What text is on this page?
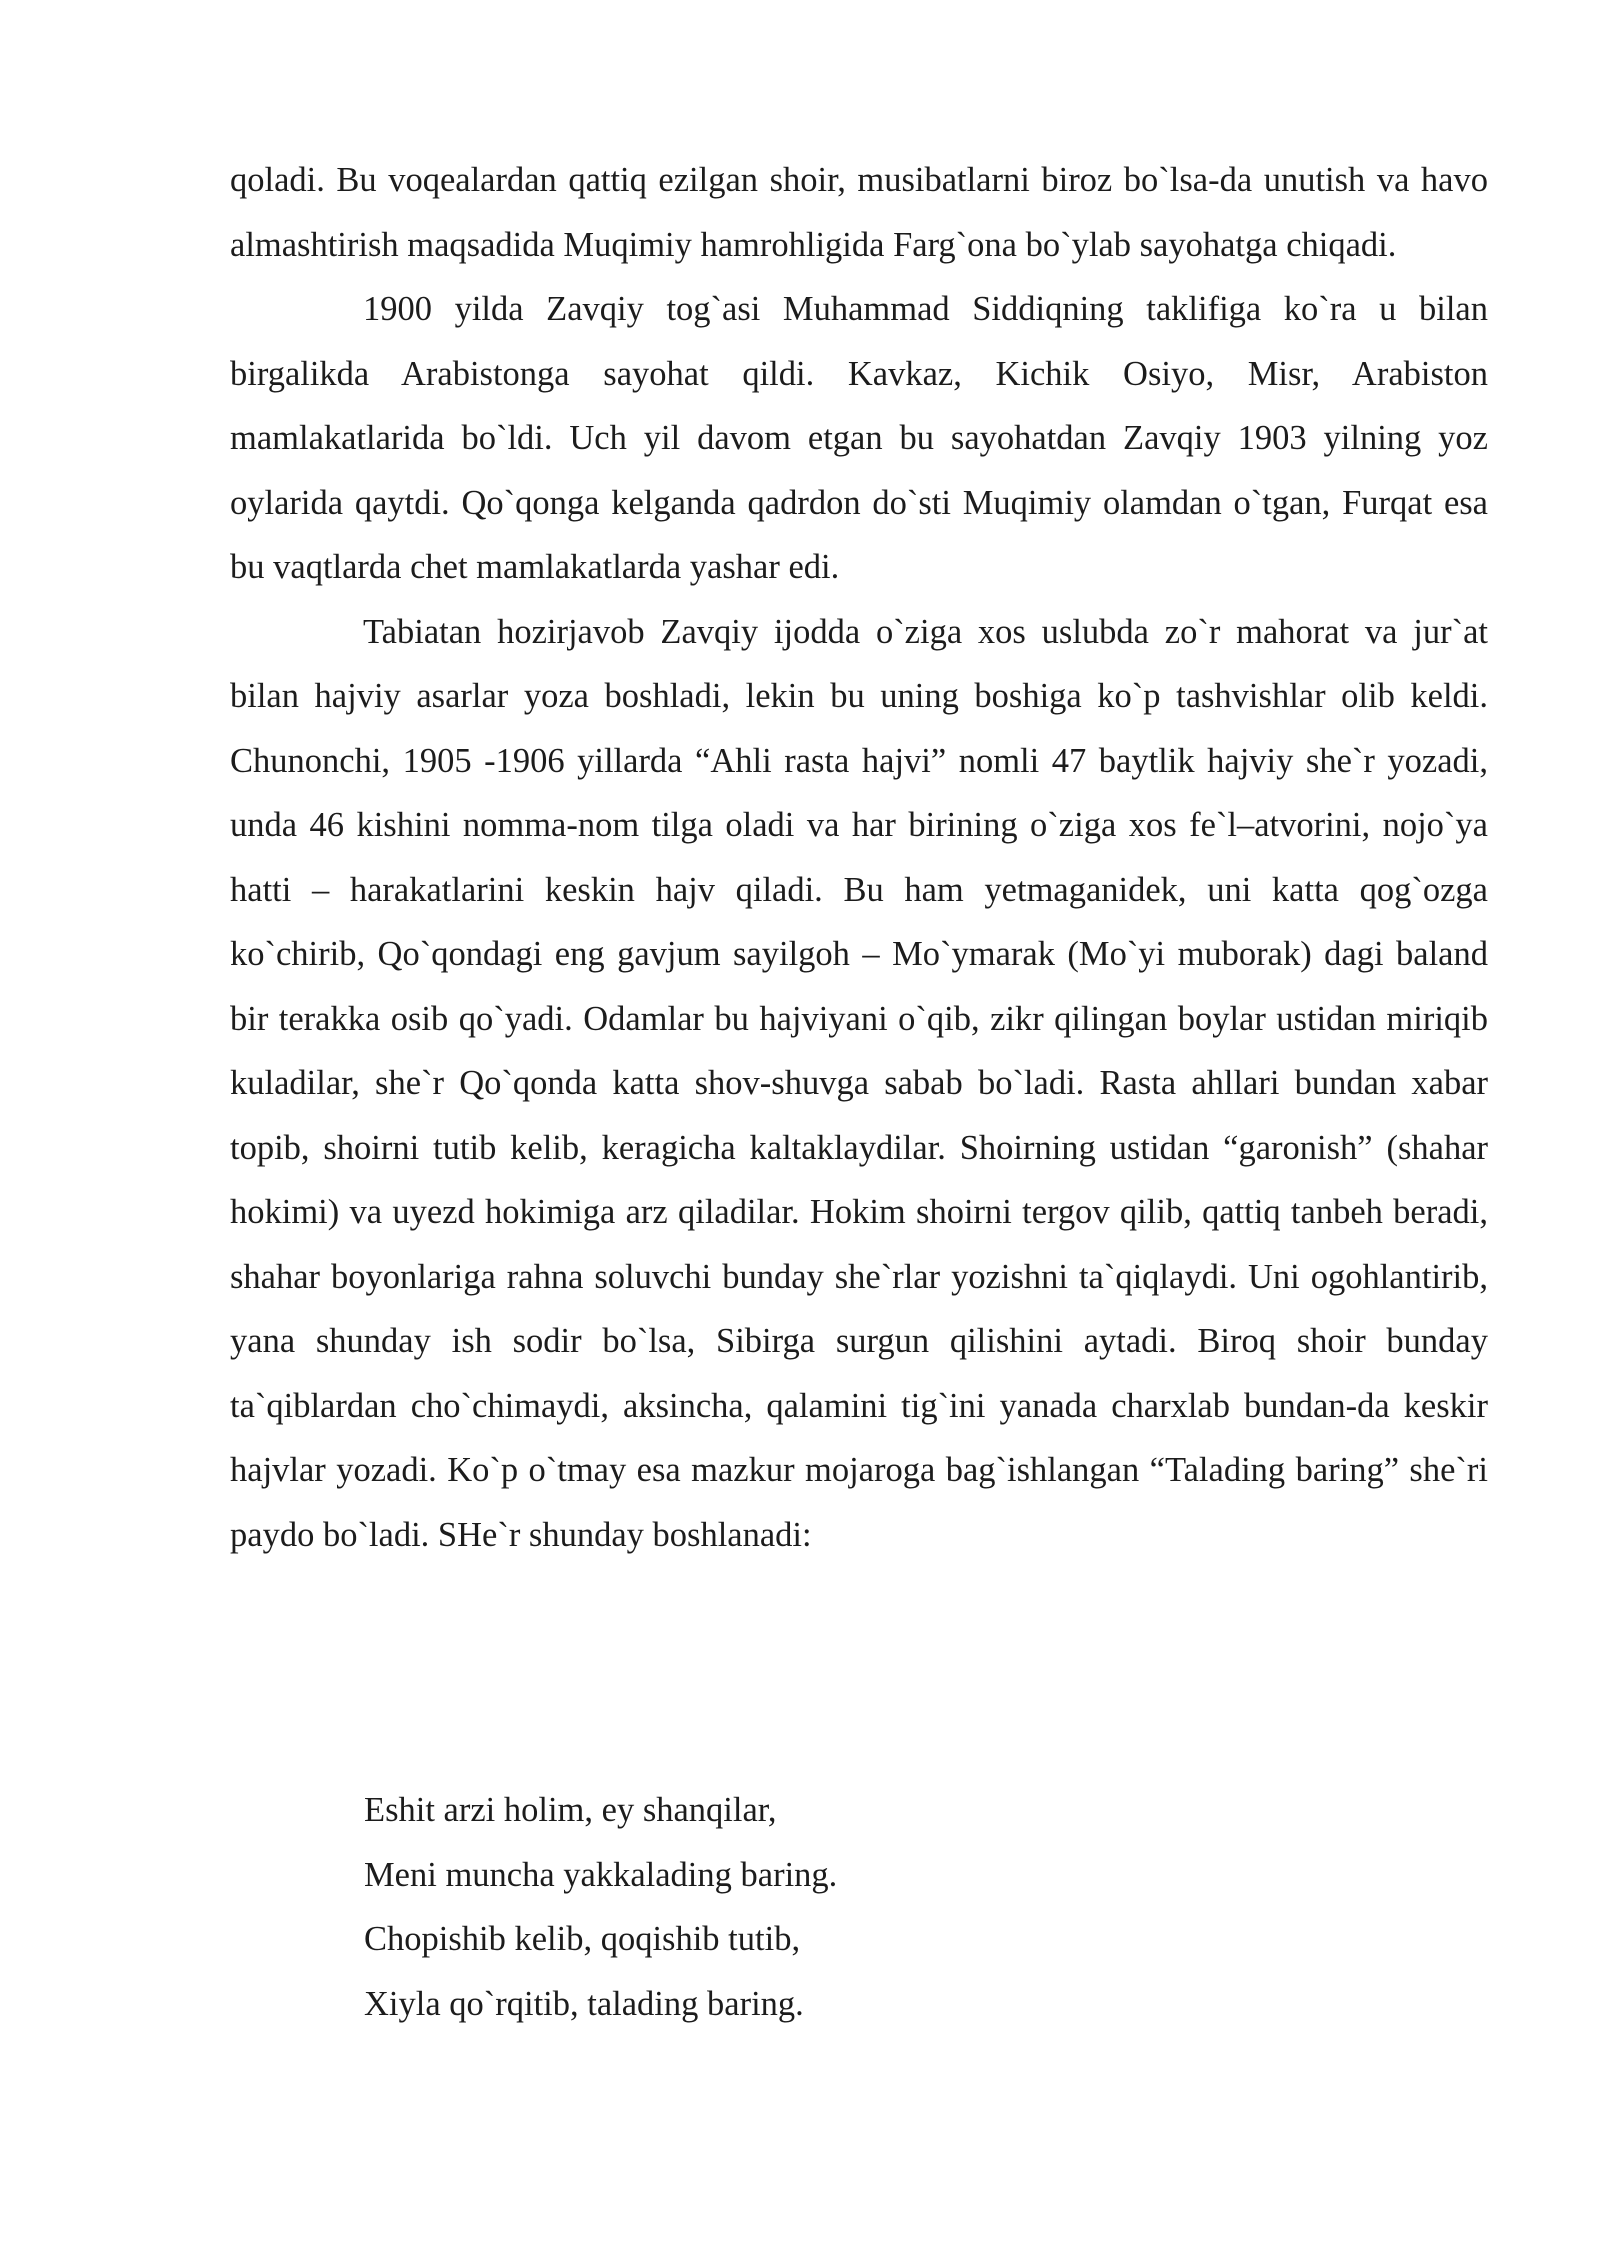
qoladi. Bu voqealardan qattiq ezilgan shoir, musibatlarni biroz bo`lsa-da unutish va havo almashtirish maqsadida Muqimiy hamrohligida Farg`ona bo`ylab sayohatga chiqadi.

1900 yilda Zavqiy tog`asi Muhammad Siddiqning taklifiga ko`ra u bilan birgalikda Arabistonga sayohat qildi. Kavkaz, Kichik Osiyo, Misr, Arabiston mamlakatlarida bo`ldi. Uch yil davom etgan bu sayohatdan Zavqiy 1903 yilning yoz oylarida qaytdi. Qo`qonga kelganda qadrdon do`sti Muqimiy olamdan o`tgan, Furqat esa bu vaqtlarda chet mamlakatlarda yashar edi.

Tabiatan hozirjavob Zavqiy ijodda o`ziga xos uslubda zo`r mahorat va jur`at bilan hajviy asarlar yoza boshladi, lekin bu uning boshiga ko`p tashvishlar olib keldi. Chunonchi, 1905 -1906 yillarda “Ahli rasta hajvi” nomli 47 baytlik hajviy she`r yozadi, unda 46 kishini nomma-nom tilga oladi va har birining o`ziga xos fe`l–atvorini, nojo`ya hatti – harakatlarini keskin hajv qiladi. Bu ham yetmaganidek, uni katta qog`ozga ko`chirib, Qo`qondagi eng gavjum sayilgoh – Mo`ymarak (Mo`yi muborak) dagi baland bir terakka osib qo`yadi. Odamlar bu hajviyani o`qib, zikr qilingan boylar ustidan miriqib kuladilar, she`r Qo`qonda katta shov-shuvga sabab bo`ladi. Rasta ahllari bundan xabar topib, shoirni tutib kelib, keragicha kaltaklaydilar. Shoirning ustidan “garonish” (shahar hokimi) va uyezd hokimiga arz qiladilar. Hokim shoirni tergov qilib, qattiq tanbeh beradi, shahar boyonlariga rahna soluvchi bunday she`rlar yozishni ta`qiqlaydi. Uni ogohlantirib, yana shunday ish sodir bo`lsa, Sibirga surgun qilishini aytadi. Biroq shoir bunday ta`qiblardan cho`chimaydi, aksincha, qalamini tig`ini yanada charxlab bundan-da keskir hajvlar yozadi. Ko`p o`tmay esa mazkur mojaroga bag`ishlangan “Talading baring” she`ri paydo bo`ladi. SHe`r shunday boshlanadi:

Eshit arzi holim, ey shanqilar,
Meni muncha yakkalading baring.
Chopishib kelib, qoqishib tutib,
Xiyla qo`rqitib, talading baring.
